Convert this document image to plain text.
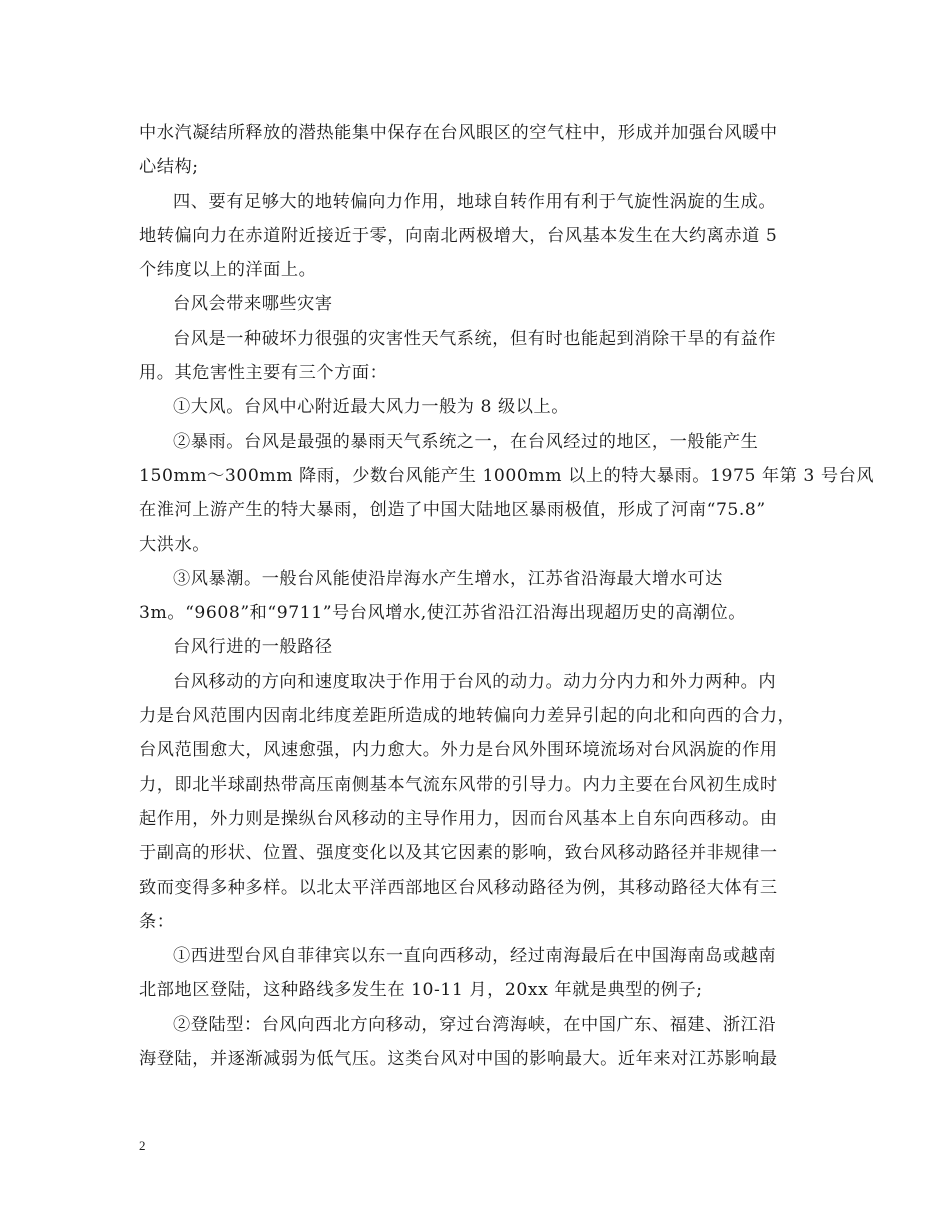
中水汽凝结所释放的潜热能集中保存在台风眼区的空气柱中，形成并加强台风暖中
心结构;
四、要有足够大的地转偏向力作用，地球自转作用有利于气旋性涡旋的生成。
地转偏向力在赤道附近接近于零，向南北两极增大，台风基本发生在大约离赤道 5
个纬度以上的洋面上。
台风会带来哪些灾害
台风是一种破坏力很强的灾害性天气系统，但有时也能起到消除干旱的有益作
用。其危害性主要有三个方面：
①大风。台风中心附近最大风力一般为 8 级以上。
②暴雨。台风是最强的暴雨天气系统之一，在台风经过的地区，一般能产生
150mm～300mm 降雨，少数台风能产生 1000mm 以上的特大暴雨。1975 年第 3 号台风
在淮河上游产生的特大暴雨，创造了中国大陆地区暴雨极值，形成了河南“75.8”
大洪水。
③风暴潮。一般台风能使沿岸海水产生增水，江苏省沿海最大增水可达
3m。“9608”和“9711”号台风增水,使江苏省沿江沿海出现超历史的高潮位。
台风行进的一般路径
台风移动的方向和速度取决于作用于台风的动力。动力分内力和外力两种。内
力是台风范围内因南北纬度差距所造成的地转偏向力差异引起的向北和向西的合力，
台风范围愈大，风速愈强，内力愈大。外力是台风外围环境流场对台风涡旋的作用
力，即北半球副热带高压南侧基本气流东风带的引导力。内力主要在台风初生成时
起作用，外力则是操纵台风移动的主导作用力，因而台风基本上自东向西移动。由
于副高的形状、位置、强度变化以及其它因素的影响，致台风移动路径并非规律一
致而变得多种多样。以北太平洋西部地区台风移动路径为例，其移动路径大体有三
条：
①西进型台风自菲律宾以东一直向西移动，经过南海最后在中国海南岛或越南
北部地区登陆，这种路线多发生在 10-11 月，20xx 年就是典型的例子;
②登陆型：台风向西北方向移动，穿过台湾海峡，在中国广东、福建、浙江沿
海登陆，并逐渐减弱为低气压。这类台风对中国的影响最大。近年来对江苏影响最
2
